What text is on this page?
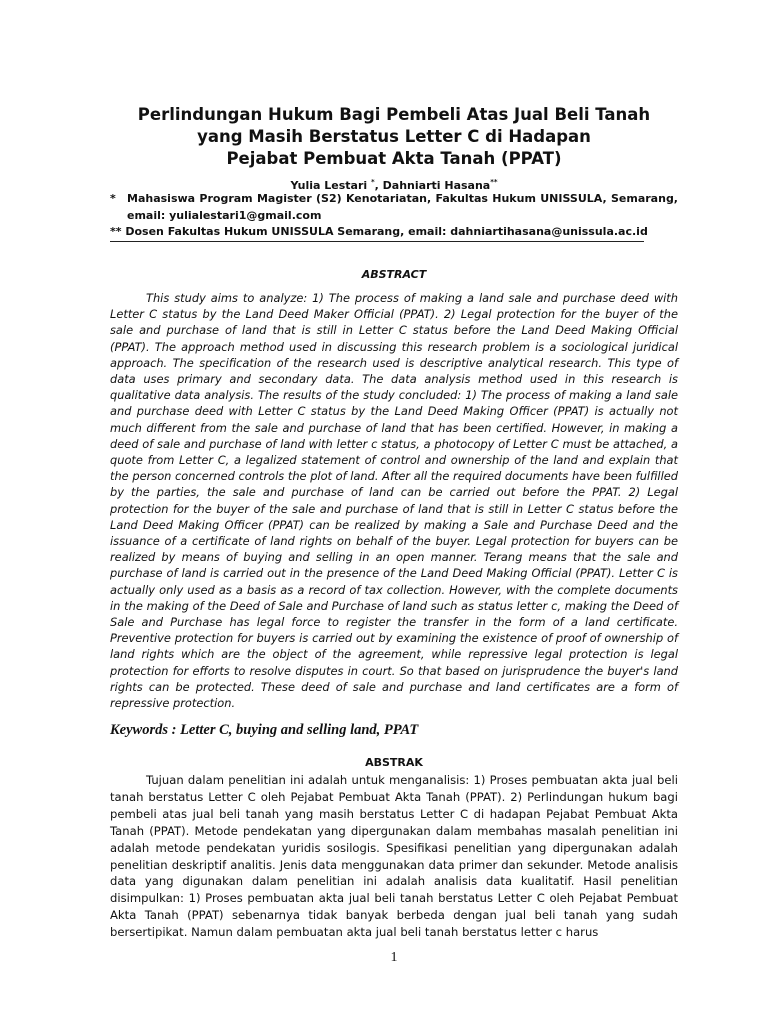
Perlindungan Hukum Bagi Pembeli Atas Jual Beli Tanah
yang Masih Berstatus Letter C di Hadapan
Pejabat Pembuat Akta Tanah (PPAT)
Yulia Lestari *, Dahniarti Hasana**
*	Mahasiswa Program Magister (S2) Kenotariatan, Fakultas Hukum UNISSULA, Semarang, email: yulialestari1@gmail.com
** Dosen Fakultas Hukum UNISSULA Semarang, email: dahniartihasana@unissula.ac.id
ABSTRACT

This study aims to analyze: 1) The process of making a land sale and purchase deed with Letter C status by the Land Deed Maker Official (PPAT). 2) Legal protection for the buyer of the sale and purchase of land that is still in Letter C status before the Land Deed Making Official (PPAT). The approach method used in discussing this research problem is a sociological juridical approach. The specification of the research used is descriptive analytical research. This type of data uses primary and secondary data. The data analysis method used in this research is qualitative data analysis. The results of the study concluded: 1) The process of making a land sale and purchase deed with Letter C status by the Land Deed Making Officer (PPAT) is actually not much different from the sale and purchase of land that has been certified. However, in making a deed of sale and purchase of land with letter c status, a photocopy of Letter C must be attached, a quote from Letter C, a legalized statement of control and ownership of the land and explain that the person concerned controls the plot of land. After all the required documents have been fulfilled by the parties, the sale and purchase of land can be carried out before the PPAT. 2) Legal protection for the buyer of the sale and purchase of land that is still in Letter C status before the Land Deed Making Officer (PPAT) can be realized by making a Sale and Purchase Deed and the issuance of a certificate of land rights on behalf of the buyer. Legal protection for buyers can be realized by means of buying and selling in an open manner. Terang means that the sale and purchase of land is carried out in the presence of the Land Deed Making Official (PPAT). Letter C is actually only used as a basis as a record of tax collection. However, with the complete documents in the making of the Deed of Sale and Purchase of land such as status letter c, making the Deed of Sale and Purchase has legal force to register the transfer in the form of a land certificate. Preventive protection for buyers is carried out by examining the existence of proof of ownership of land rights which are the object of the agreement, while repressive legal protection is legal protection for efforts to resolve disputes in court. So that based on jurisprudence the buyer's land rights can be protected. These deed of sale and purchase and land certificates are a form of repressive protection.

Keywords : Letter C, buying and selling land, PPAT
ABSTRAK

Tujuan dalam penelitian ini adalah untuk menganalisis: 1) Proses pembuatan akta jual beli tanah berstatus Letter C oleh Pejabat Pembuat Akta Tanah (PPAT). 2) Perlindungan hukum bagi pembeli atas jual beli tanah yang masih berstatus Letter C di hadapan Pejabat Pembuat Akta Tanah (PPAT). Metode pendekatan yang dipergunakan dalam membahas masalah penelitian ini adalah metode pendekatan yuridis sosilogis. Spesifikasi penelitian yang dipergunakan adalah penelitian deskriptif analitis. Jenis data menggunakan data primer dan sekunder. Metode analisis data yang digunakan dalam penelitian ini adalah analisis data kualitatif. Hasil penelitian disimpulkan: 1) Proses pembuatan akta jual beli tanah berstatus Letter C oleh Pejabat Pembuat Akta Tanah (PPAT) sebenarnya tidak banyak berbeda dengan jual beli tanah yang sudah bersertipikat. Namun dalam pembuatan akta jual beli tanah berstatus letter c harus

1
